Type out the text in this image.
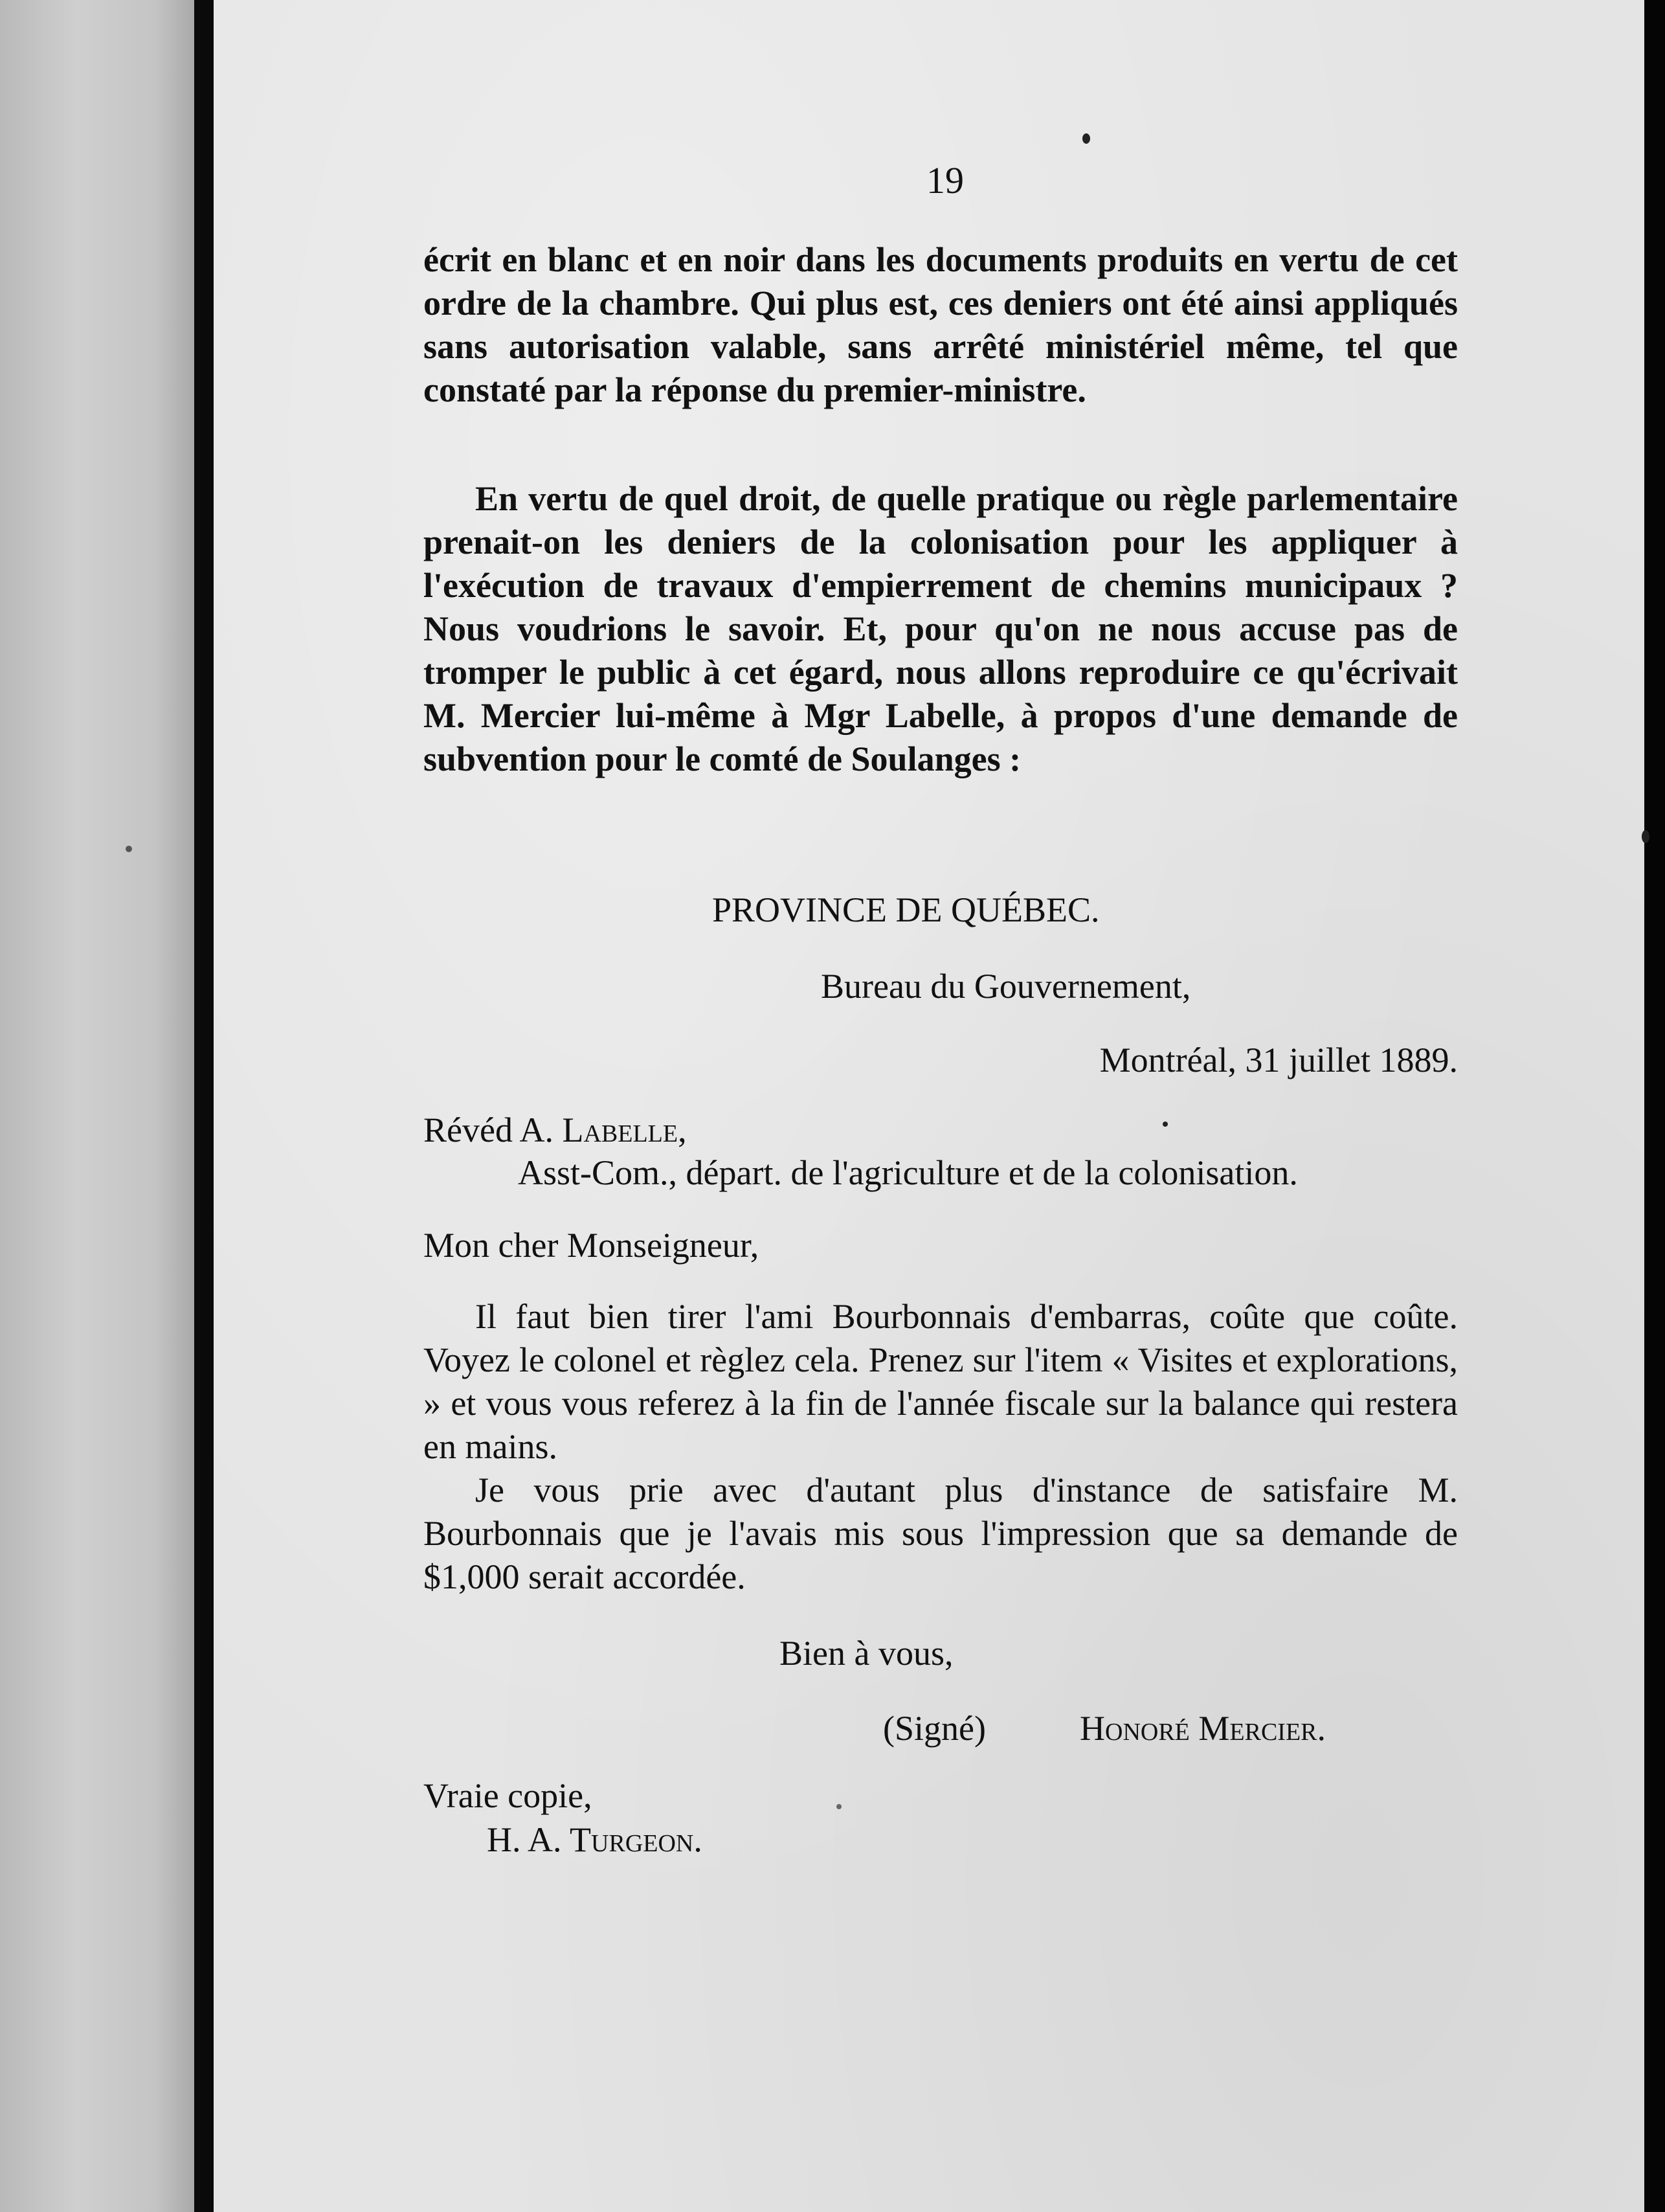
19

écrit en blanc et en noir dans les documents produits en vertu de cet ordre de la chambre. Qui plus est, ces deniers ont été ainsi appliqués sans autorisation valable, sans arrêté ministériel même, tel que constaté par la réponse du premier-ministre.

En vertu de quel droit, de quelle pratique ou règle parlementaire prenait-on les deniers de la colonisation pour les appliquer à l'exécution de travaux d'empierrement de chemins municipaux ? Nous voudrions le savoir. Et, pour qu'on ne nous accuse pas de tromper le public à cet égard, nous allons reproduire ce qu'écrivait M. Mercier lui-même à Mgr Labelle, à propos d'une demande de subvention pour le comté de Soulanges :

PROVINCE DE QUÉBEC.

Bureau du Gouvernement,

Montréal, 31 juillet 1889.

Révéd A. Labelle,

Asst-Com., départ. de l'agriculture et de la colonisation.

Mon cher Monseigneur,

Il faut bien tirer l'ami Bourbonnais d'embarras, coûte que coûte. Voyez le colonel et règlez cela. Prenez sur l'item « Visites et explorations, » et vous vous referez à la fin de l'année fiscale sur la balance qui restera en mains.

Je vous prie avec d'autant plus d'instance de satisfaire M. Bourbonnais que je l'avais mis sous l'impression que sa demande de $1,000 serait accordée.

Bien à vous,

(Signé)	Honoré Mercier.

Vraie copie,

H. A. Turgeon.
